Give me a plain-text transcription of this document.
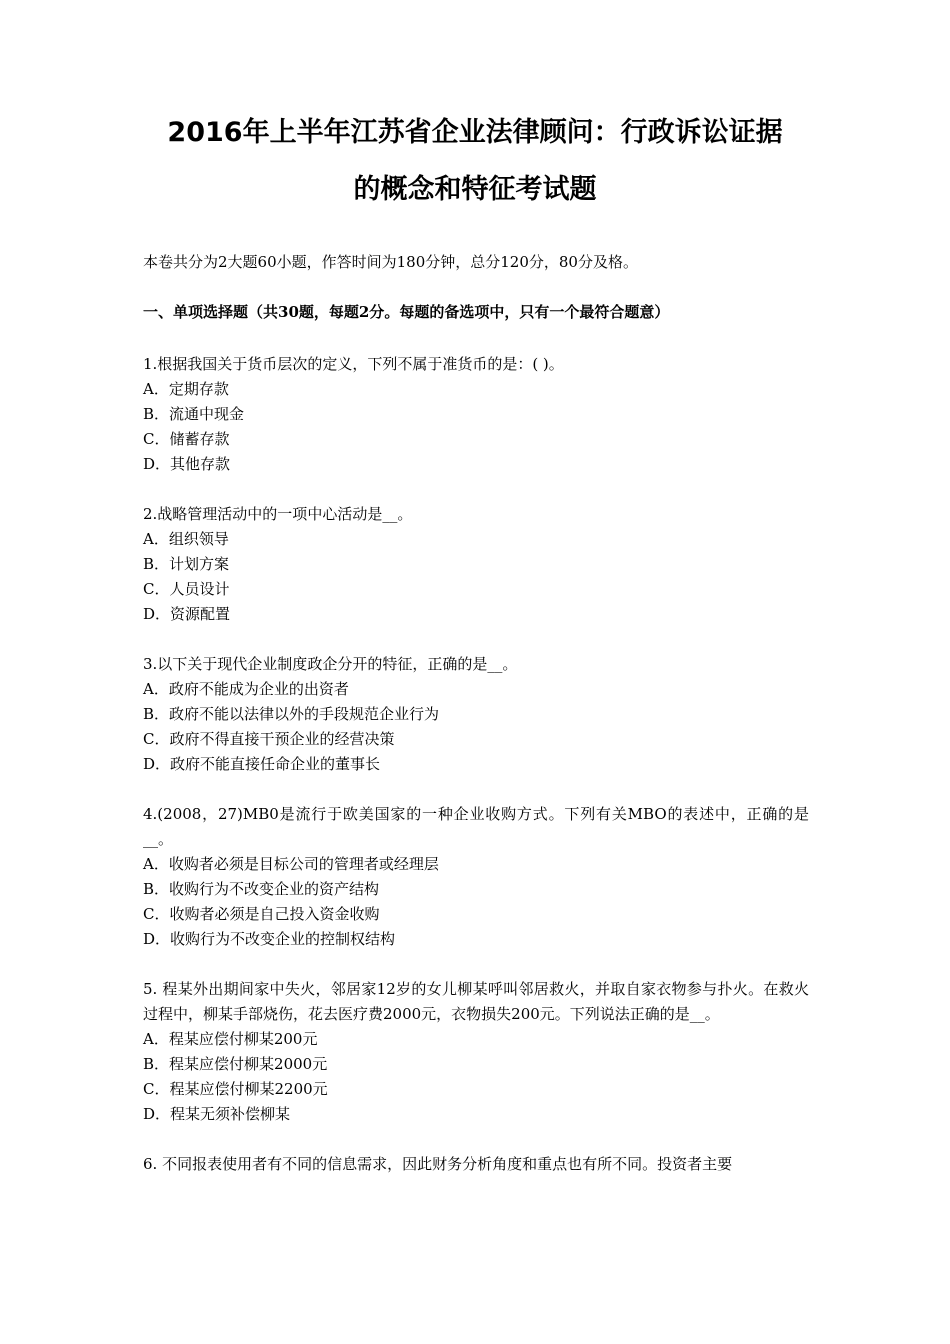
2016年上半年江苏省企业法律顾问：行政诉讼证据
的概念和特征考试题
本卷共分为2大题60小题，作答时间为180分钟，总分120分，80分及格。
一、单项选择题（共30题，每题2分。每题的备选项中，只有一个最符合题意）
1.根据我国关于货币层次的定义，下列不属于准货币的是：( )。
A．定期存款
B．流通中现金
C．储蓄存款
D．其他存款
2.战略管理活动中的一项中心活动是__。
A．组织领导
B．计划方案
C．人员设计
D．资源配置
3.以下关于现代企业制度政企分开的特征，正确的是__。
A．政府不能成为企业的出资者
B．政府不能以法律以外的手段规范企业行为
C．政府不得直接干预企业的经营决策
D．政府不能直接任命企业的董事长
4.(2008，27)MB0是流行于欧美国家的一种企业收购方式。下列有关MBO的表述中，正确的是__。
A．收购者必须是目标公司的管理者或经理层
B．收购行为不改变企业的资产结构
C．收购者必须是自己投入资金收购
D．收购行为不改变企业的控制权结构
5. 程某外出期间家中失火，邻居家12岁的女儿柳某呼叫邻居救火，并取自家衣物参与扑火。在救火过程中，柳某手部烧伤，花去医疗费2000元，衣物损失200元。下列说法正确的是__。
A．程某应偿付柳某200元
B．程某应偿付柳某2000元
C．程某应偿付柳某2200元
D．程某无须补偿柳某
6. 不同报表使用者有不同的信息需求，因此财务分析角度和重点也有所不同。投资者主要
